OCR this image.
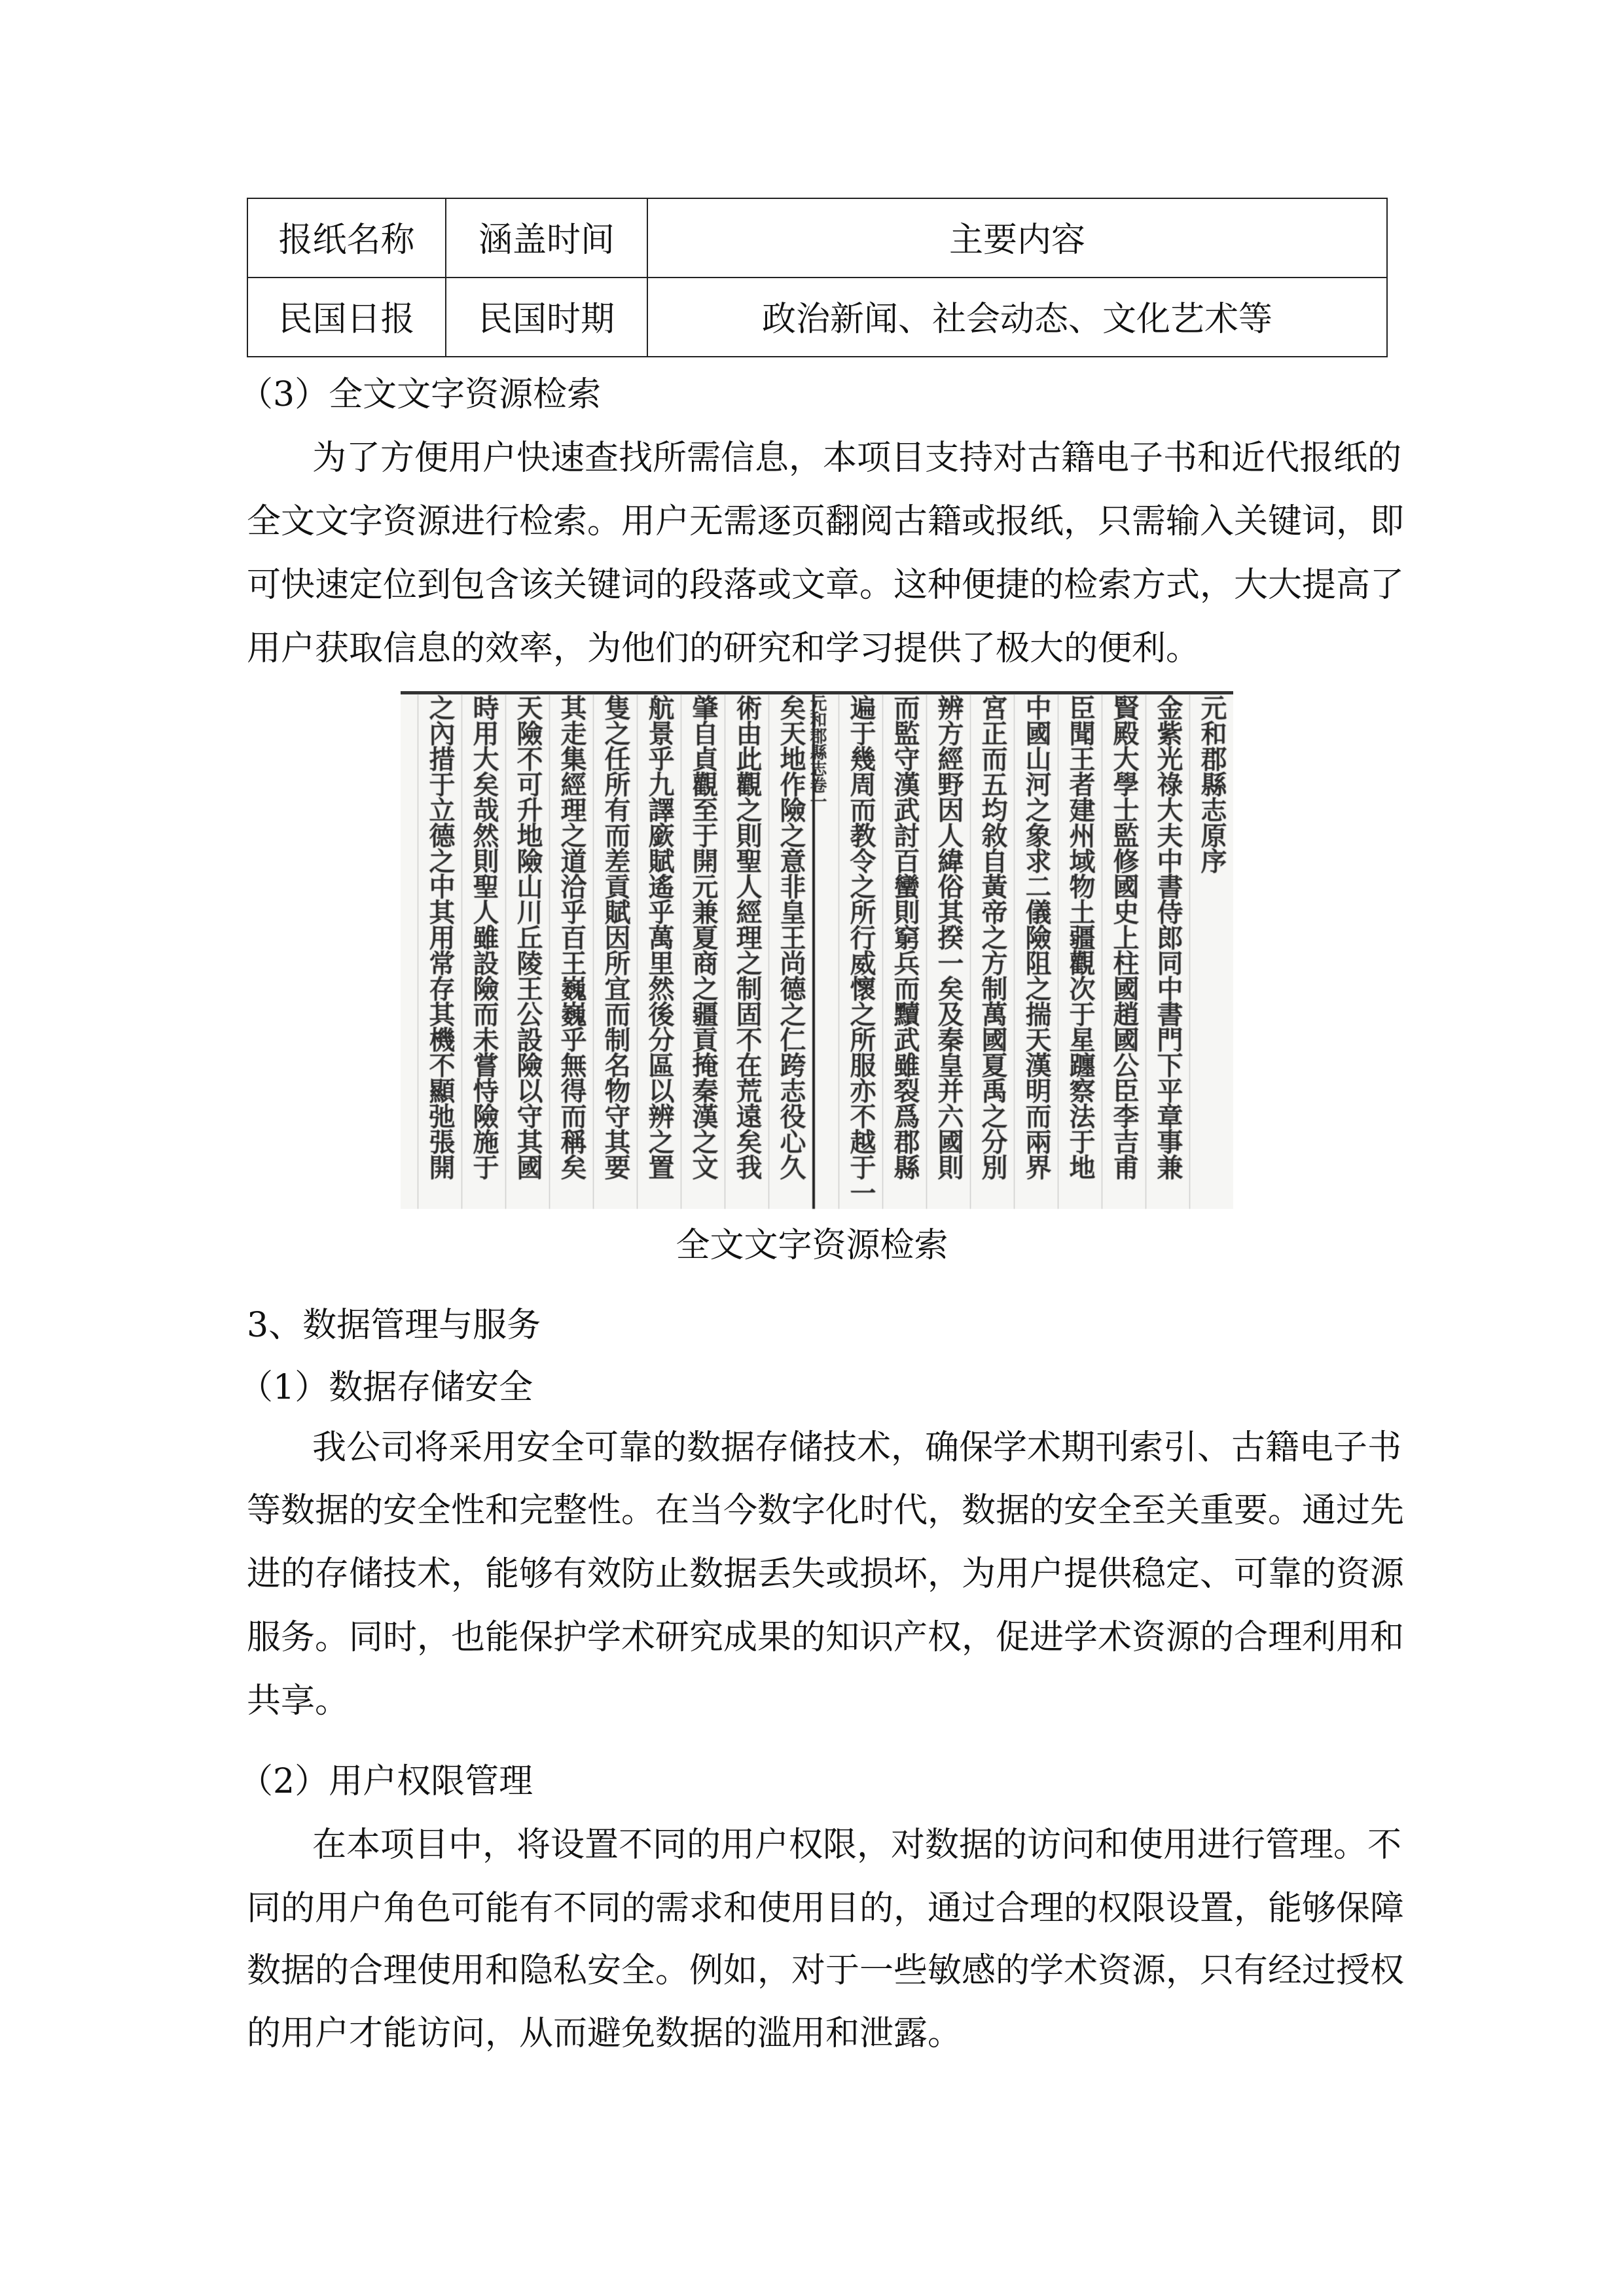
报纸名称	涵盖时间	主要内容
民国日报	民国时期	政治新闻、社会动态、文化艺术等
（3）全文文字资源检索
为了方便用户快速查找所需信息，本项目支持对古籍电子书和近代报纸的
全文文字资源进行检索。用户无需逐页翻阅古籍或报纸，只需输入关键词，即
可快速定位到包含该关键词的段落或文章。这种便捷的检索方式，大大提高了
用户获取信息的效率，为他们的研究和学习提供了极大的便利。
元和郡縣志原序
金紫光祿大夫中書侍郎同中書門下平章事兼
賢殿大學士監修國史上柱國趙國公臣李吉甫
臣聞王者建州域物土疆觀次于星躔察法于地
中國山河之象求二儀險阻之揣天漢明而兩界
宮正而五均敘自黃帝之方制萬國夏禹之分別
辨方經野因人緯俗其揆一矣及秦皇并六國則
而監守漢武討百蠻則窮兵而黷武雖裂爲郡縣
遍于幾周而教令之所行威懷之所服亦不越于一
元和郡縣志卷一
矣天地作險之意非皇王尚德之仁跨志役心久
術由此觀之則聖人經理之制固不在荒遠矣我
肇自貞觀至于開元兼夏商之疆貢掩秦漢之文
航景乎九譯廞賦遙乎萬里然後分區以辨之置
隻之任所有而差貢賦因所宜而制名物守其要
其走集經理之道洽乎百王巍巍乎無得而稱矣
天險不可升地險山川丘陵王公設險以守其國
時用大矣哉然則聖人雖設險而未嘗恃險施于
之內措于立德之中其用常存其機不顯弛張開
全文文字资源检索
3、数据管理与服务
（1）数据存储安全
我公司将采用安全可靠的数据存储技术，确保学术期刊索引、古籍电子书
等数据的安全性和完整性。在当今数字化时代，数据的安全至关重要。通过先
进的存储技术，能够有效防止数据丢失或损坏，为用户提供稳定、可靠的资源
服务。同时，也能保护学术研究成果的知识产权，促进学术资源的合理利用和
共享。
（2）用户权限管理
在本项目中，将设置不同的用户权限，对数据的访问和使用进行管理。不
同的用户角色可能有不同的需求和使用目的，通过合理的权限设置，能够保障
数据的合理使用和隐私安全。例如，对于一些敏感的学术资源，只有经过授权
的用户才能访问，从而避免数据的滥用和泄露。
